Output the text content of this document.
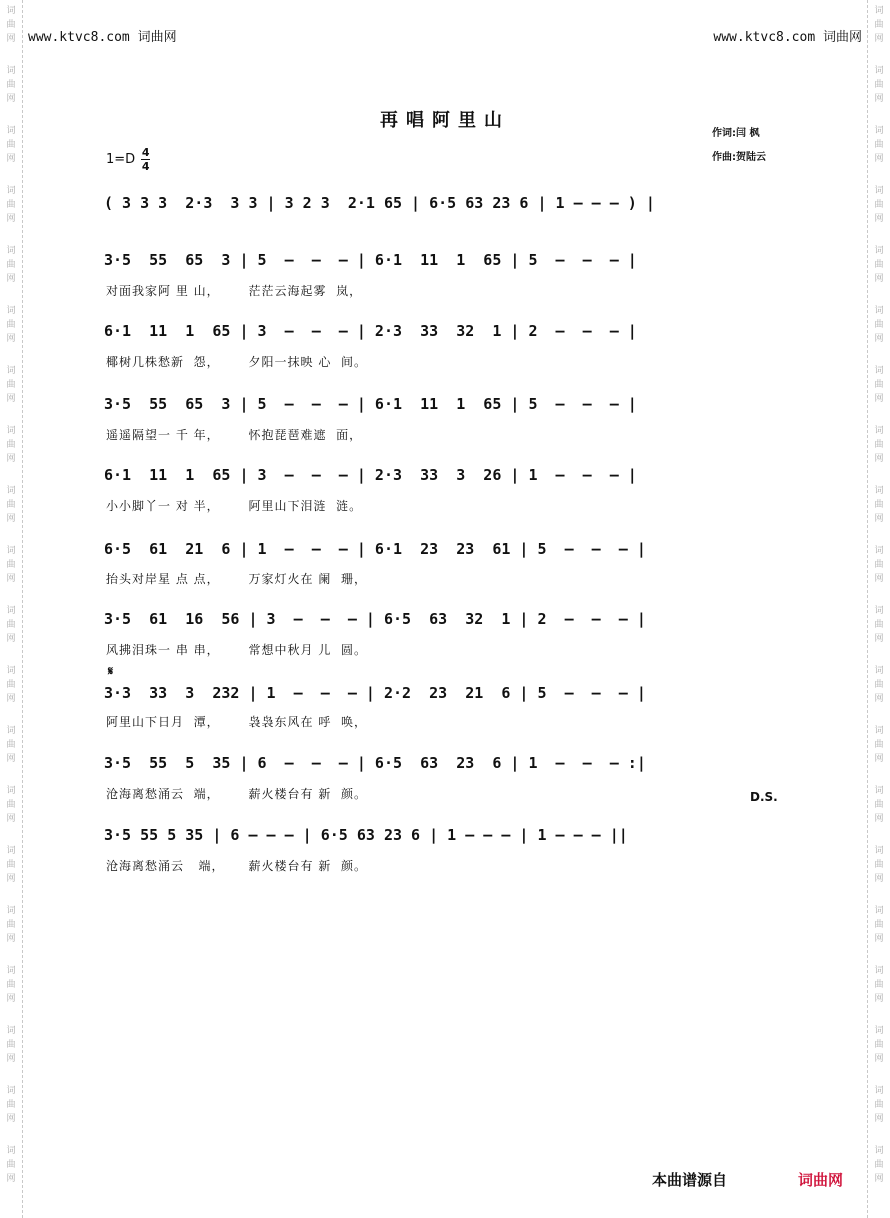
词
曲
网
词
曲
网
词
曲
网
词
曲
网
词
曲
网
词
曲
网
词
曲
网
词
曲
网
词
曲
网
词
曲
网
词
曲
网
词
曲
网
词
曲
网
词
曲
网
词
曲
网
词
曲
网
词
曲
网
词
曲
网
词
曲
网
词
曲
网
词
曲
网
词
曲
网
词
曲
网
词
曲
网
词
曲
网
词
曲
网
词
曲
网
词
曲
网
词
曲
网
词
曲
网
词
曲
网
词
曲
网
词
曲
网
词
曲
网
词
曲
网
词
曲
网
词
曲
网
词
曲
网
词
曲
网
词
曲
网
www.ktvc8.com 词曲网	www.ktvc8.com 词曲网
再唱阿里山
作词:闫 枫
作曲:贺陆云
1=D 4
4
( 3 3 3  2·3  3 3 | 3 2 3  2·1 65 | 6·5 63 23 6 | 1 — — — ) |
3·5  55  65  3 | 5  —  —  — | 6·1  11  1  65 | 5  —  —  — |
对面我家阿 里 山，      茫茫云海起雾  岚，
6·1  11  1  65 | 3  —  —  — | 2·3  33  32  1 | 2  —  —  — |
椰树几株愁新  怨，      夕阳一抹映 心  间。
3·5  55  65  3 | 5  —  —  — | 6·1  11  1  65 | 5  —  —  — |
遥遥隔望一 千 年，      怀抱琵琶难遮  面，
6·1  11  1  65 | 3  —  —  — | 2·3  33  3  26 | 1  —  —  — |
小小脚丫一 对 半，      阿里山下泪涟  涟。
6·5  61  21  6 | 1  —  —  — | 6·1  23  23  61 | 5  —  —  — |
抬头对岸星 点 点，      万家灯火在 阑  珊，
3·5  61  16  56 | 3  —  —  — | 6·5  63  32  1 | 2  —  —  — |
风拂泪珠一 串 串，      常想中秋月 儿  圆。
𝄋
3·3  33  3  232 | 1  —  —  — | 2·2  23  21  6 | 5  —  —  — |
阿里山下日月  潭，      袅袅东风在 呼  唤，
3·5  55  5  35 | 6  —  —  — | 6·5  63  23  6 | 1  —  —  — :|
沧海离愁涌云  端，      薪火楼台有 新  颜。	D.S.
3·5 55 5 35 | 6 — — — | 6·5 63 23 6 | 1 — — — | 1 — — — ||
沧海离愁涌云   端，     薪火楼台有 新  颜。
本曲谱源自	词曲网
